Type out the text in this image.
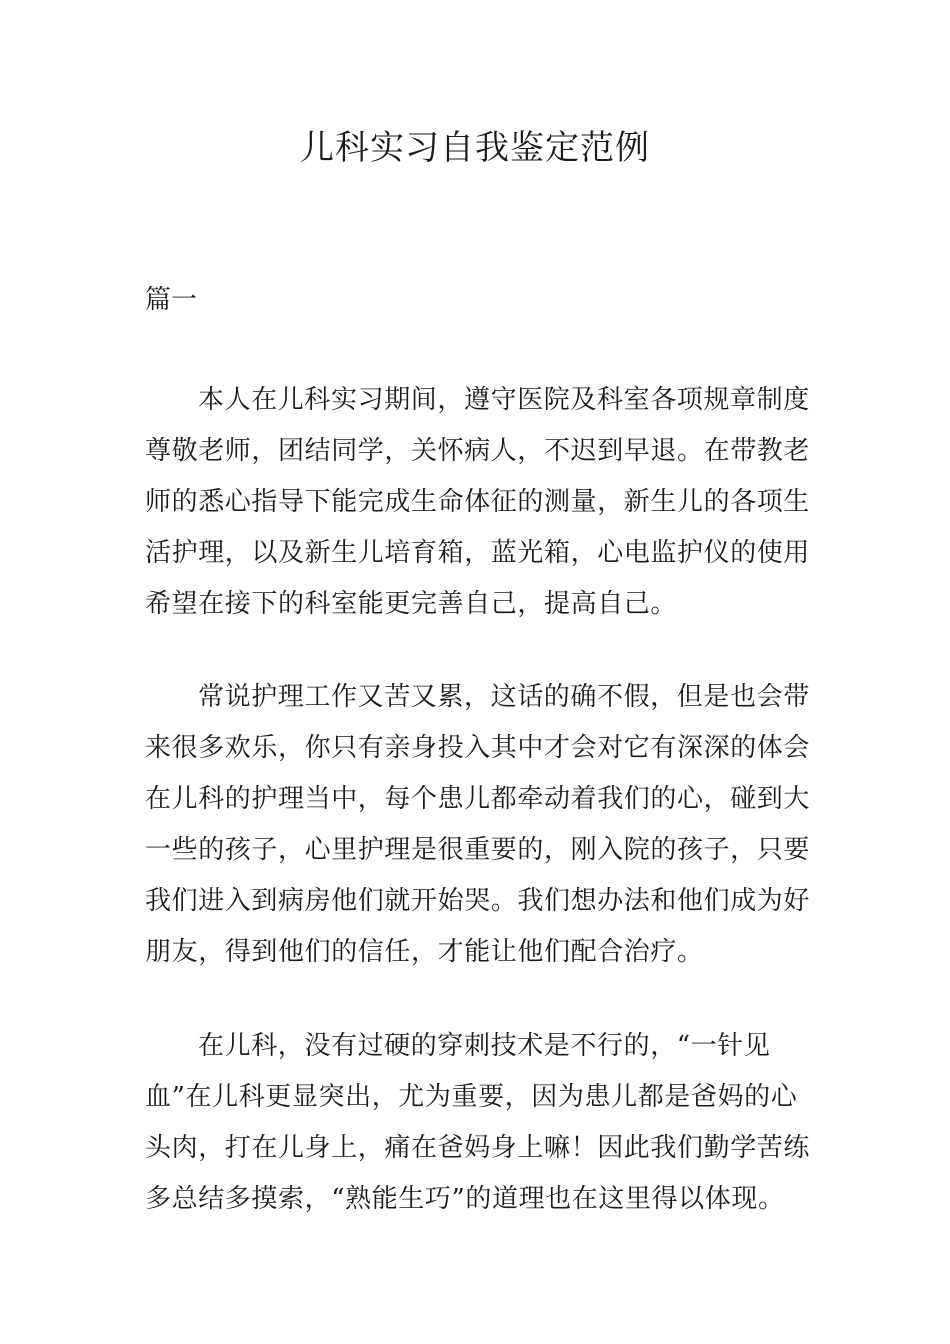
儿科实习自我鉴定范例

篇一

本人在儿科实习期间，遵守医院及科室各项规章制度
尊敬老师，团结同学，关怀病人，不迟到早退。在带教老
师的悉心指导下能完成生命体征的测量，新生儿的各项生
活护理，以及新生儿培育箱，蓝光箱，心电监护仪的使用
希望在接下的科室能更完善自己，提高自己。
常说护理工作又苦又累，这话的确不假，但是也会带
来很多欢乐，你只有亲身投入其中才会对它有深深的体会
在儿科的护理当中，每个患儿都牵动着我们的心，碰到大
一些的孩子，心里护理是很重要的，刚入院的孩子，只要
我们进入到病房他们就开始哭。我们想办法和他们成为好
朋友，得到他们的信任，才能让他们配合治疗。
在儿科，没有过硬的穿刺技术是不行的，“一针见
血”在儿科更显突出，尤为重要，因为患儿都是爸妈的心
头肉，打在儿身上，痛在爸妈身上嘛！因此我们勤学苦练
多总结多摸索，“熟能生巧”的道理也在这里得以体现。
